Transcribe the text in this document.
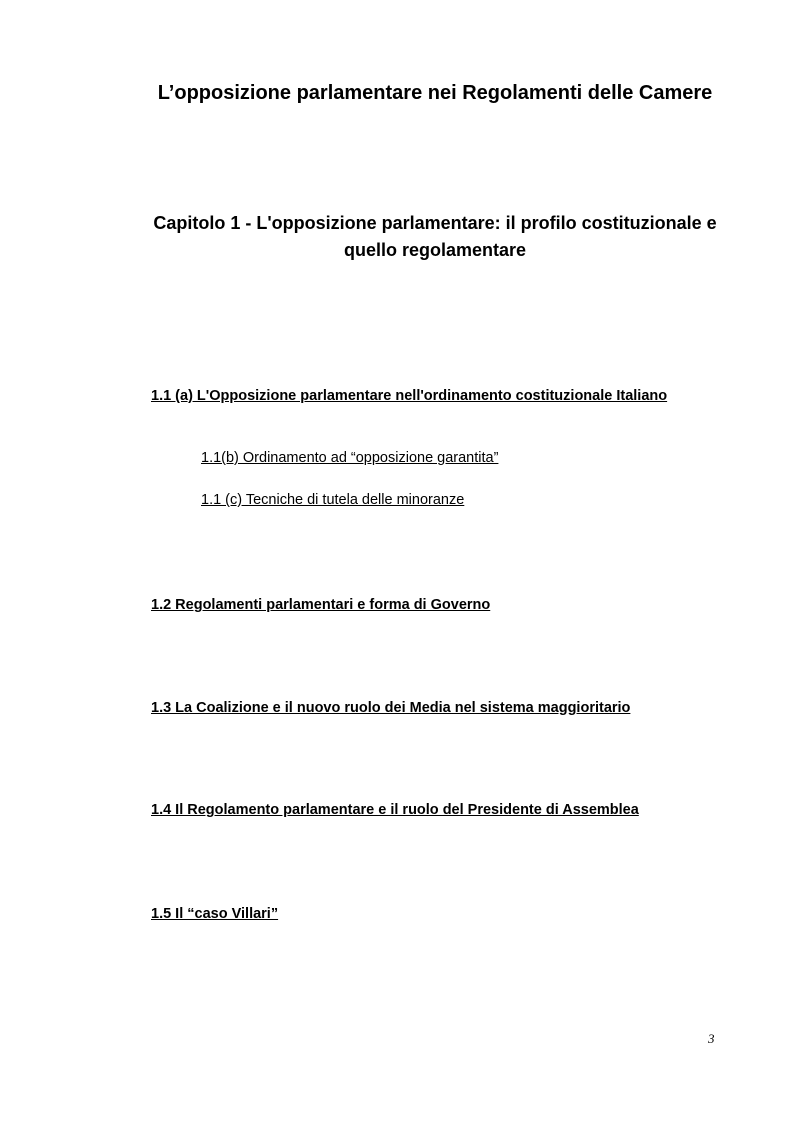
L’opposizione parlamentare nei Regolamenti delle Camere
Capitolo 1 - L'opposizione parlamentare: il profilo costituzionale e quello regolamentare
1.1 (a) L'Opposizione parlamentare nell'ordinamento costituzionale Italiano
1.1(b) Ordinamento ad “opposizione garantita”
1.1 (c) Tecniche di tutela delle minoranze
1.2 Regolamenti parlamentari e forma di Governo
1.3 La Coalizione e il nuovo ruolo dei Media nel sistema maggioritario
1.4 Il Regolamento parlamentare e il ruolo del Presidente di Assemblea
1.5 Il “caso Villari”
3
